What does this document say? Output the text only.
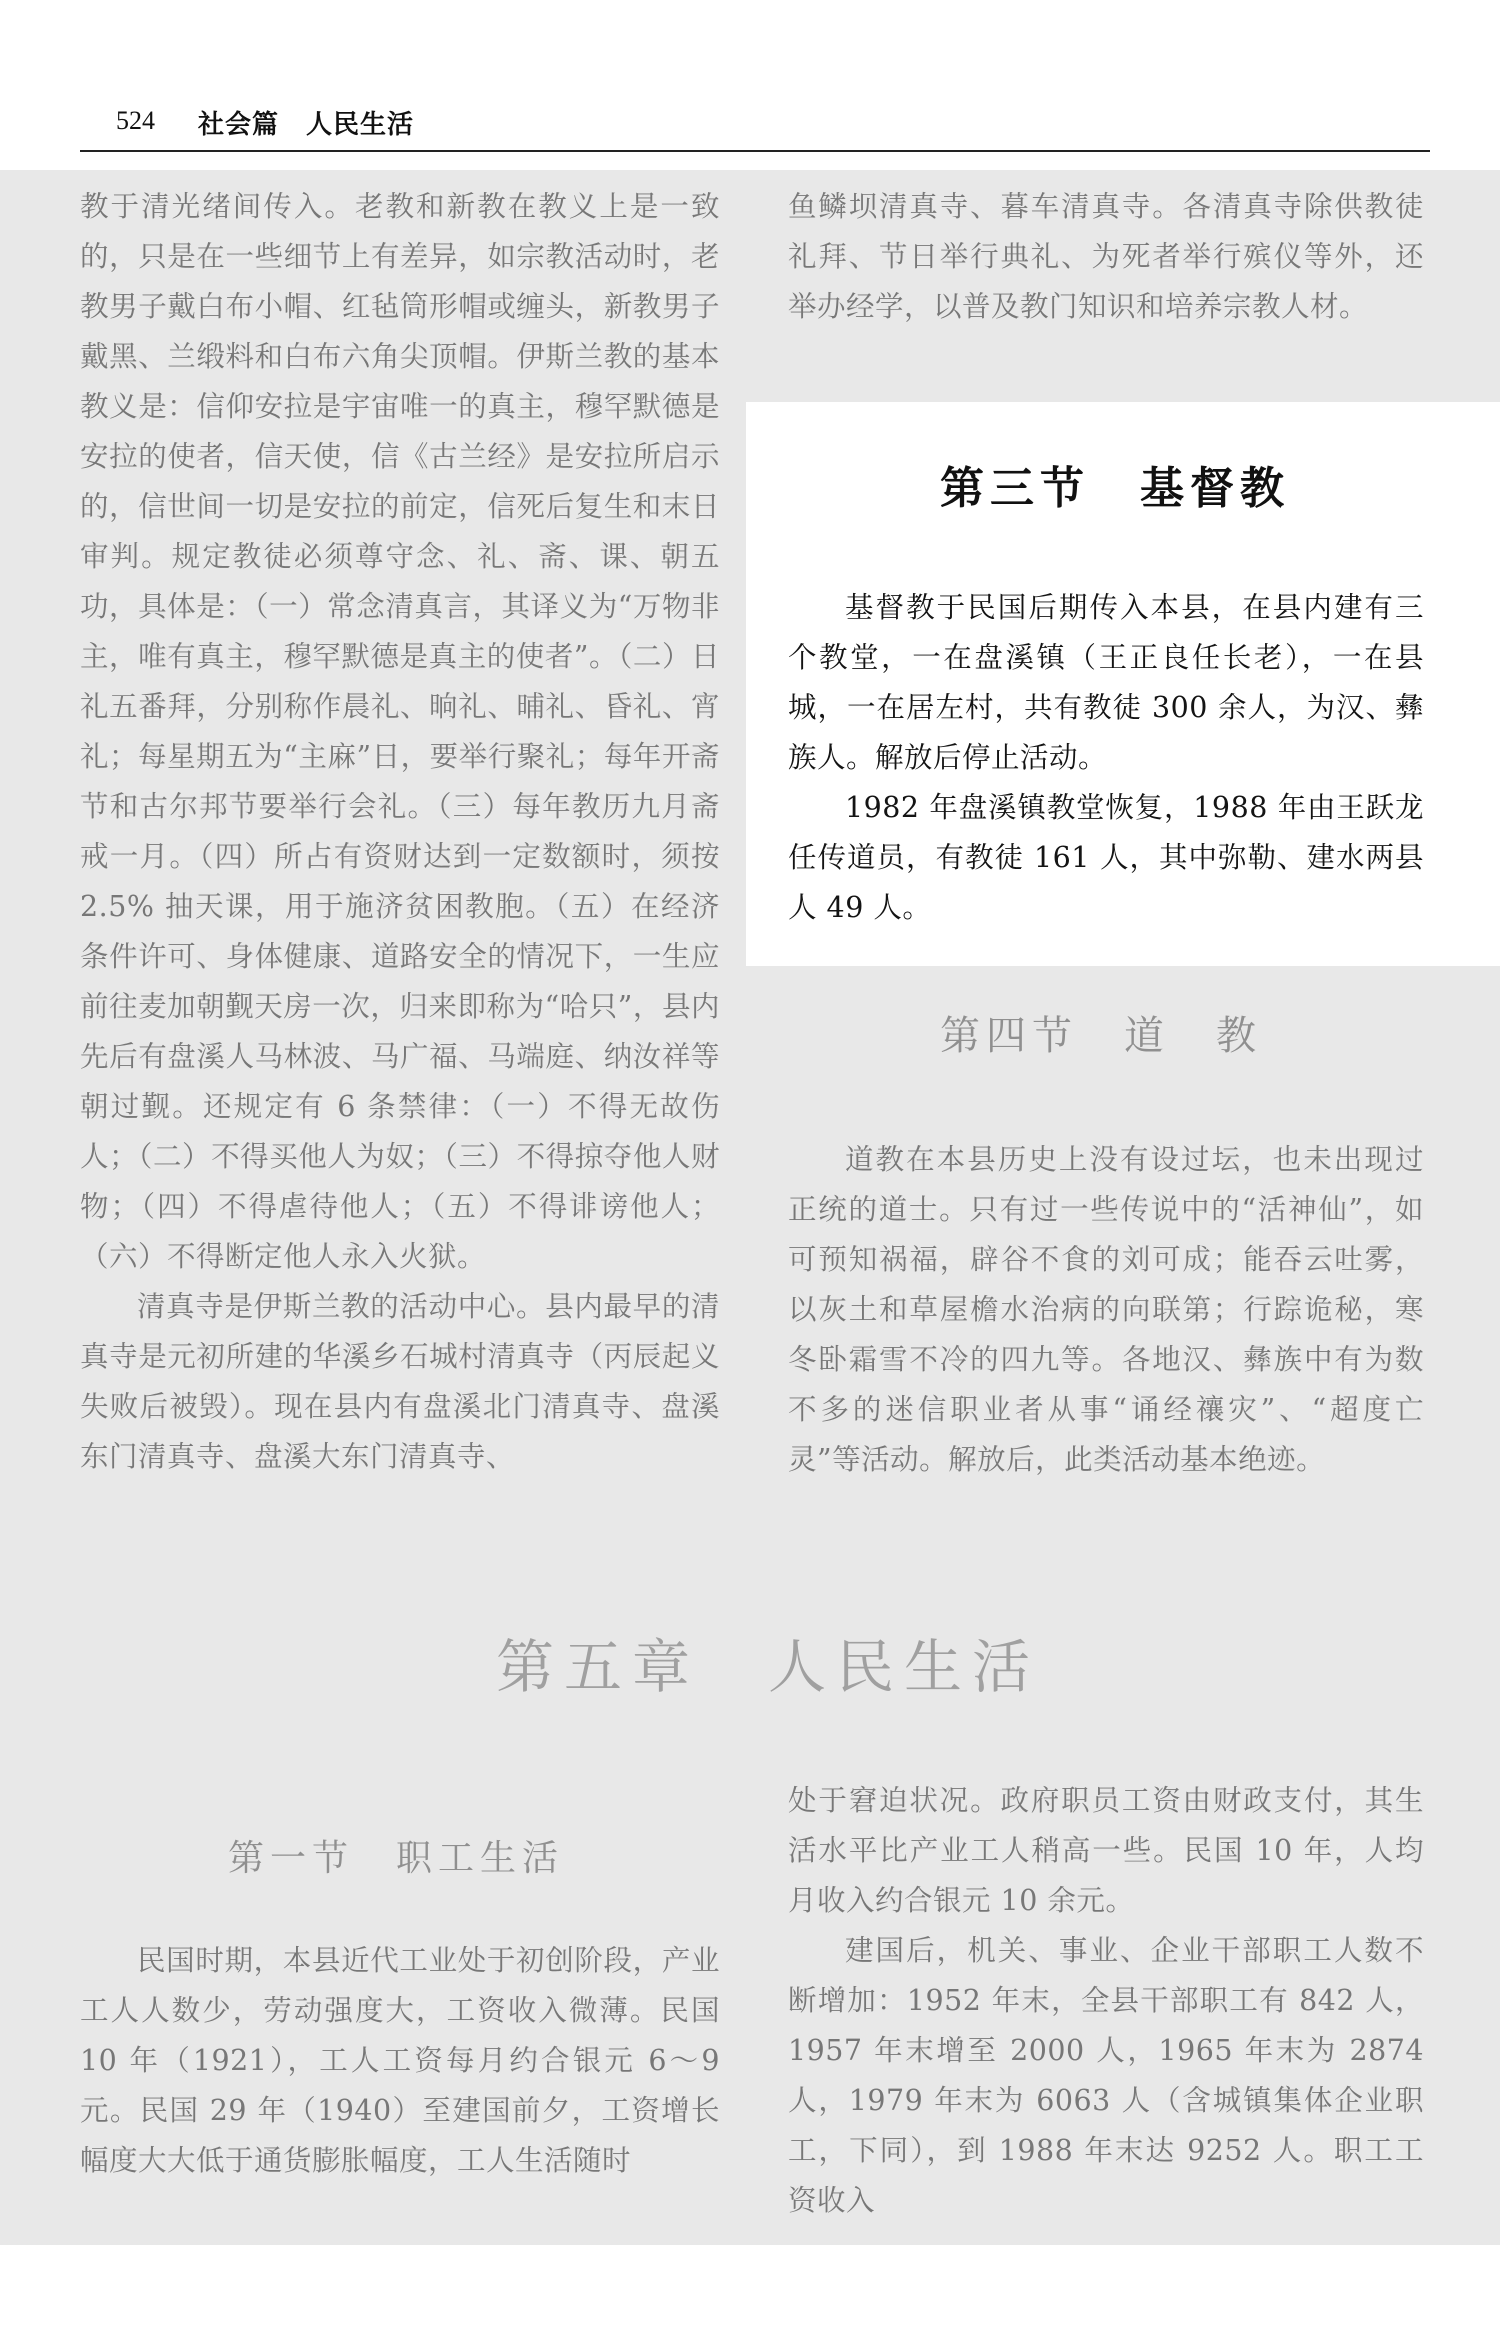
524 社会篇　人民生活

教于清光绪间传入。老教和新教在教义上是一致的，只是在一些细节上有差异，如宗教活动时，老教男子戴白布小帽、红毡筒形帽或缠头，新教男子戴黑、兰缎料和白布六角尖顶帽。伊斯兰教的基本教义是：信仰安拉是宇宙唯一的真主，穆罕默德是安拉的使者，信天使，信《古兰经》是安拉所启示的，信世间一切是安拉的前定，信死后复生和末日审判。规定教徒必须尊守念、礼、斋、课、朝五功，具体是：（一）常念清真言，其译义为“万物非主，唯有真主，穆罕默德是真主的使者”。（二）日礼五番拜，分别称作晨礼、晌礼、晡礼、昏礼、宵礼；每星期五为“主麻”日，要举行聚礼；每年开斋节和古尔邦节要举行会礼。（三）每年教历九月斋戒一月。（四）所占有资财达到一定数额时，须按 2.5% 抽天课，用于施济贫困教胞。（五）在经济条件许可、身体健康、道路安全的情况下，一生应前往麦加朝觐天房一次，归来即称为“哈只”，县内先后有盘溪人马林波、马广福、马端庭、纳汝祥等朝过觐。还规定有 6 条禁律：（一）不得无故伤人；（二）不得买他人为奴；（三）不得掠夺他人财物；（四）不得虐待他人；（五）不得诽谤他人；（六）不得断定他人永入火狱。

清真寺是伊斯兰教的活动中心。县内最早的清真寺是元初所建的华溪乡石城村清真寺（丙辰起义失败后被毁）。现在县内有盘溪北门清真寺、盘溪东门清真寺、盘溪大东门清真寺、

鱼鳞坝清真寺、暮车清真寺。各清真寺除供教徒礼拜、节日举行典礼、为死者举行殡仪等外，还举办经学，以普及教门知识和培养宗教人材。

第三节　基督教

基督教于民国后期传入本县，在县内建有三个教堂，一在盘溪镇（王正良任长老），一在县城，一在居左村，共有教徒 300 余人，为汉、彝族人。解放后停止活动。

1982 年盘溪镇教堂恢复，1988 年由王跃龙任传道员，有教徒 161 人，其中弥勒、建水两县人 49 人。

第四节　道　教

道教在本县历史上没有设过坛，也未出现过正统的道士。只有过一些传说中的“活神仙”，如可预知祸福，辟谷不食的刘可成；能吞云吐雾，以灰土和草屋檐水治病的向联第；行踪诡秘，寒冬卧霜雪不冷的四九等。各地汉、彝族中有为数不多的迷信职业者从事“诵经禳灾”、“超度亡灵”等活动。解放后，此类活动基本绝迹。

第五章　人民生活
第一节　职工生活

民国时期，本县近代工业处于初创阶段，产业工人人数少，劳动强度大，工资收入微薄。民国 10 年（1921），工人工资每月约合银元 6～9 元。民国 29 年（1940）至建国前夕，工资增长幅度大大低于通货膨胀幅度，工人生活随时

处于窘迫状况。政府职员工资由财政支付，其生活水平比产业工人稍高一些。民国 10 年，人均月收入约合银元 10 余元。

建国后，机关、事业、企业干部职工人数不断增加：1952 年末，全县干部职工有 842 人，1957 年末增至 2000 人，1965 年末为 2874 人，1979 年末为 6063 人（含城镇集体企业职工，下同），到 1988 年末达 9252 人。职工工资收入
